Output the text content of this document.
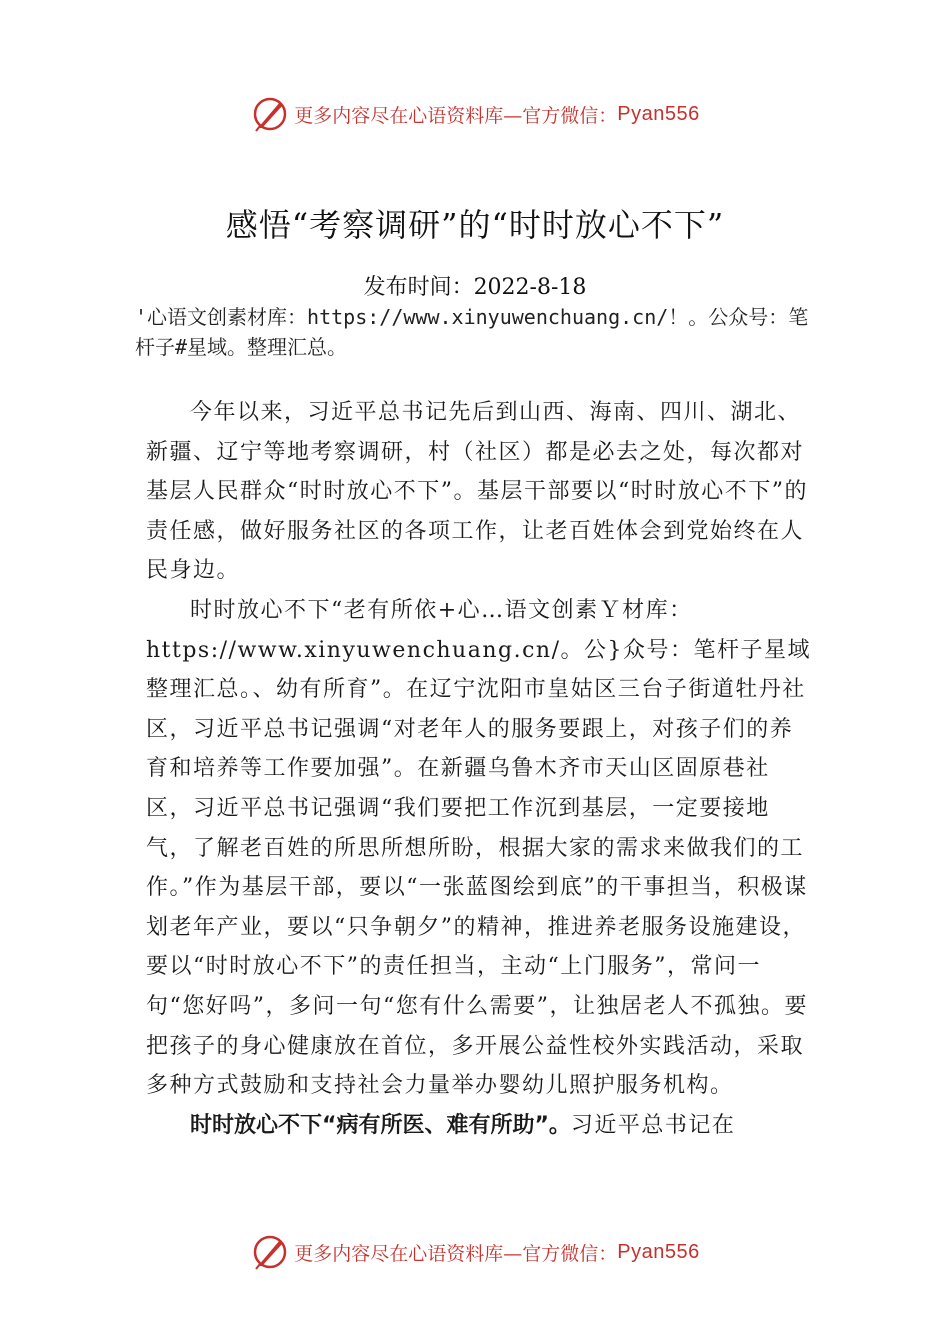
更多内容尽在心语资料库—官方微信： Pyan556
感悟“考察调研”的“时时放心不下”
发布时间：2022-8-18
'心语文创素材库：https://www.xinyuwenchuang.cn/！。公众号：笔杆子#星域。整理汇总。

今年以来，习近平总书记先后到山西、海南、四川、湖北、新疆、辽宁等地考察调研，村（社区）都是必去之处，每次都对基层人民群众“时时放心不下”。基层干部要以“时时放心不下”的责任感，做好服务社区的各项工作，让老百姓体会到党始终在人民身边。

时时放心不下“老有所依+心…语文创素Ｙ材库：https://www.xinyuwenchuang.cn/。公}众号：笔杆子星域整理汇总。、幼有所育”。在辽宁沈阳市皇姑区三台子街道牡丹社区，习近平总书记强调“对老年人的服务要跟上，对孩子们的养育和培养等工作要加强”。在新疆乌鲁木齐市天山区固原巷社区，习近平总书记强调“我们要把工作沉到基层，一定要接地气，了解老百姓的所思所想所盼，根据大家的需求来做我们的工作。”作为基层干部，要以“一张蓝图绘到底”的干事担当，积极谋划老年产业，要以“只争朝夕”的精神，推进养老服务设施建设，要以“时时放心不下”的责任担当，主动“上门服务”，常问一句“您好吗”，多问一句“您有什么需要”，让独居老人不孤独。要把孩子的身心健康放在首位，多开展公益性校外实践活动，采取多种方式鼓励和支持社会力量举办婴幼儿照护服务机构。

时时放心不下“病有所医、难有所助”。习近平总书记在

更多内容尽在心语资料库—官方微信： Pyan556
